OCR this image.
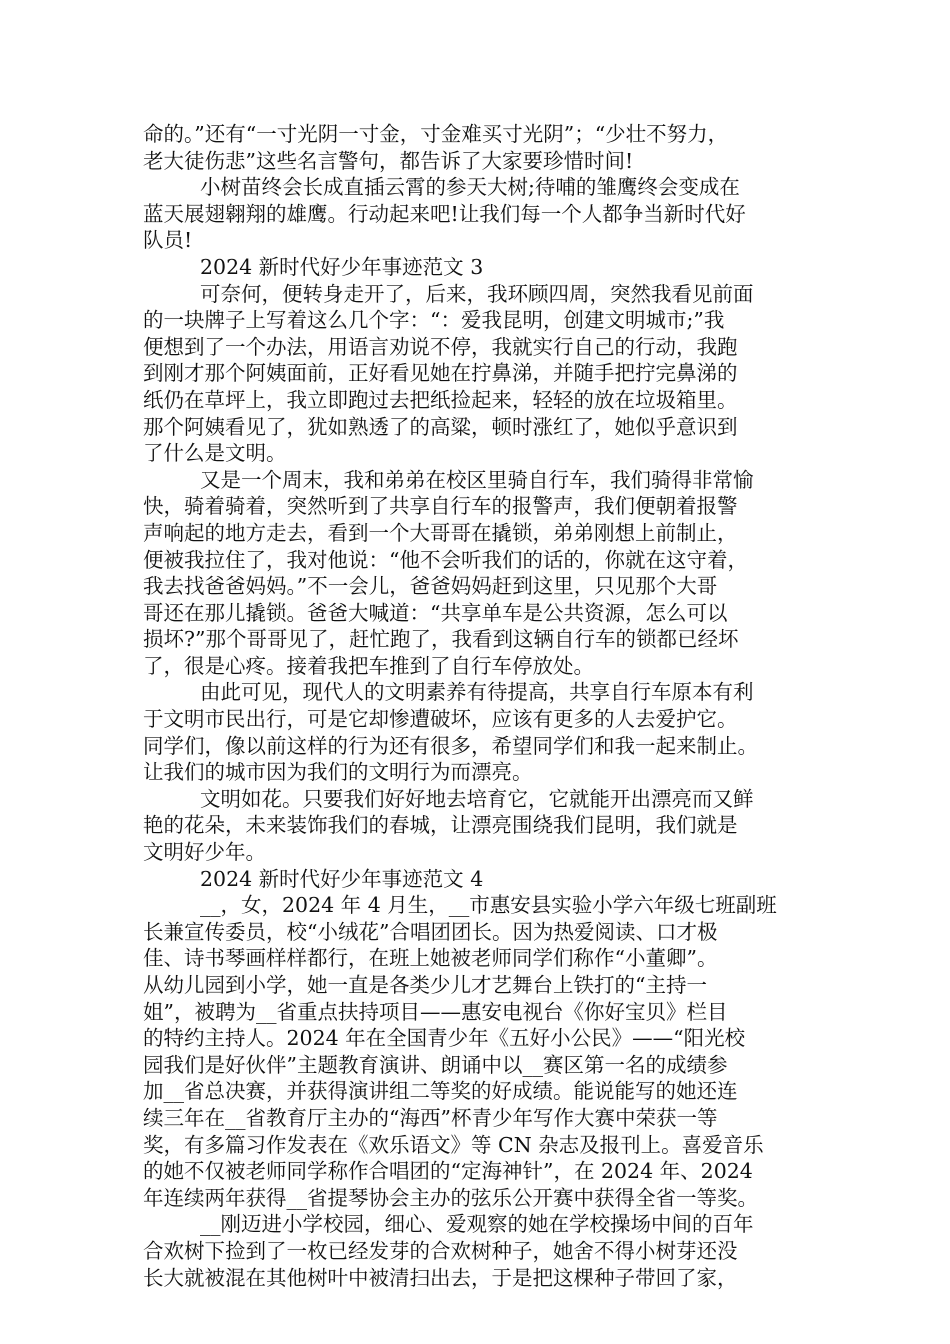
命的。”还有“一寸光阴一寸金，寸金难买寸光阴”；“少壮不努力，
老大徒伤悲”这些名言警句，都告诉了大家要珍惜时间!
小树苗终会长成直插云霄的参天大树;待哺的雏鹰终会变成在
蓝天展翅翱翔的雄鹰。行动起来吧!让我们每一个人都争当新时代好
队员!
2024 新时代好少年事迹范文 3
可奈何，便转身走开了，后来，我环顾四周，突然我看见前面
的一块牌子上写着这么几个字：“：爱我昆明，创建文明城市;”我
便想到了一个办法，用语言劝说不停，我就实行自己的行动，我跑
到刚才那个阿姨面前，正好看见她在拧鼻涕，并随手把拧完鼻涕的
纸仍在草坪上，我立即跑过去把纸捡起来，轻轻的放在垃圾箱里。
那个阿姨看见了，犹如熟透了的高粱，顿时涨红了，她似乎意识到
了什么是文明。
又是一个周末，我和弟弟在校区里骑自行车，我们骑得非常愉
快，骑着骑着，突然听到了共享自行车的报警声，我们便朝着报警
声响起的地方走去，看到一个大哥哥在撬锁，弟弟刚想上前制止，
便被我拉住了，我对他说：“他不会听我们的话的，你就在这守着，
我去找爸爸妈妈。”不一会儿，爸爸妈妈赶到这里，只见那个大哥
哥还在那儿撬锁。爸爸大喊道：“共享单车是公共资源，怎么可以
损坏?”那个哥哥见了，赶忙跑了，我看到这辆自行车的锁都已经坏
了，很是心疼。接着我把车推到了自行车停放处。
由此可见，现代人的文明素养有待提高，共享自行车原本有利
于文明市民出行，可是它却惨遭破坏，应该有更多的人去爱护它。
同学们，像以前这样的行为还有很多，希望同学们和我一起来制止。
让我们的城市因为我们的文明行为而漂亮。
文明如花。只要我们好好地去培育它，它就能开出漂亮而又鲜
艳的花朵，未来装饰我们的春城，让漂亮围绕我们昆明，我们就是
文明好少年。
2024 新时代好少年事迹范文 4
__，女，2024 年 4 月生，__市惠安县实验小学六年级七班副班
长兼宣传委员，校“小绒花”合唱团团长。因为热爱阅读、口才极
佳、诗书琴画样样都行，在班上她被老师同学们称作“小董卿”。
从幼儿园到小学，她一直是各类少儿才艺舞台上铁打的“主持一
姐”，被聘为__省重点扶持项目——惠安电视台《你好宝贝》栏目
的特约主持人。2024 年在全国青少年《五好小公民》——“阳光校
园我们是好伙伴”主题教育演讲、朗诵中以__赛区第一名的成绩参
加__省总决赛，并获得演讲组二等奖的好成绩。能说能写的她还连
续三年在__省教育厅主办的“海西”杯青少年写作大赛中荣获一等
奖，有多篇习作发表在《欢乐语文》等 CN 杂志及报刊上。喜爱音乐
的她不仅被老师同学称作合唱团的“定海神针”，在 2024 年、2024
年连续两年获得__省提琴协会主办的弦乐公开赛中获得全省一等奖。
__刚迈进小学校园，细心、爱观察的她在学校操场中间的百年
合欢树下捡到了一枚已经发芽的合欢树种子，她舍不得小树芽还没
长大就被混在其他树叶中被清扫出去，于是把这棵种子带回了家，
